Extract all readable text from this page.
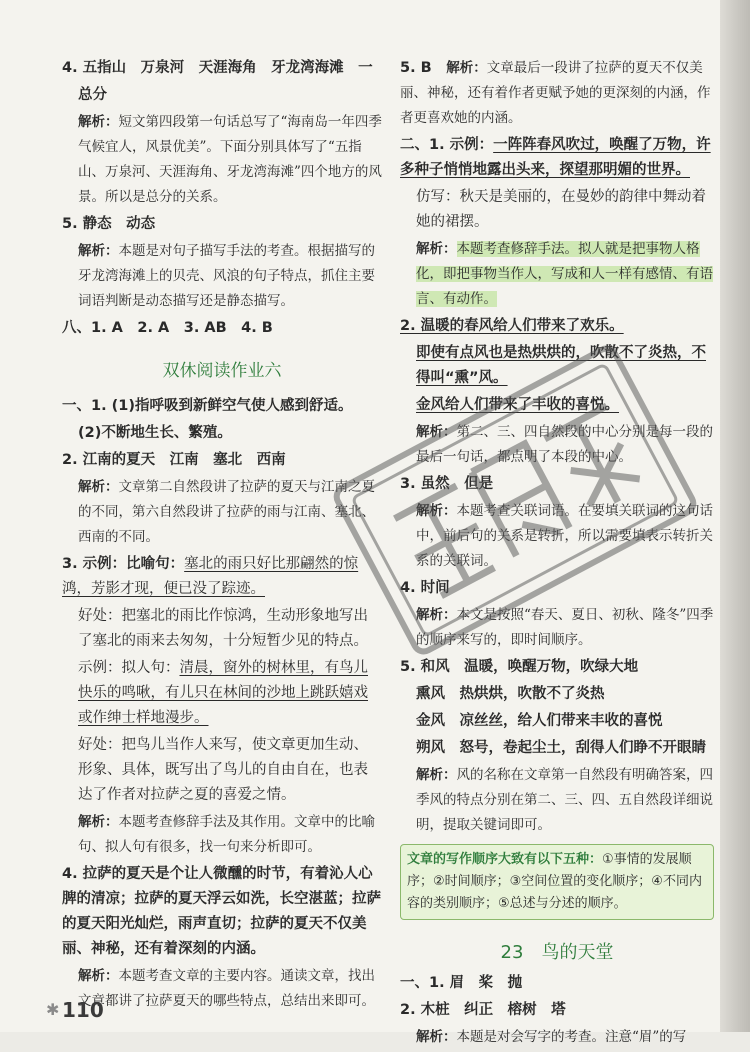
4. 五指山　万泉河　天涯海角　牙龙湾海滩　一

总分

解析：短文第四段第一句话总写了“海南岛一年四季气候宜人，风景优美”。下面分别具体写了“五指山、万泉河、天涯海角、牙龙湾海滩”四个地方的风景。所以是总分的关系。

5. 静态　动态

解析：本题是对句子描写手法的考查。根据描写的牙龙湾海滩上的贝壳、风浪的句子特点，抓住主要词语判断是动态描写还是静态描写。

八、1. A　2. A　3. AB　4. B

双休阅读作业六

一、1. (1)指呼吸到新鲜空气使人感到舒适。

(2)不断地生长、繁殖。

2. 江南的夏天　江南　塞北　西南

解析：文章第二自然段讲了拉萨的夏天与江南之夏的不同，第六自然段讲了拉萨的雨与江南、塞北、西南的不同。

3. 示例：比喻句：塞北的雨只好比那翩然的惊鸿，芳影才现，便已没了踪迹。

好处：把塞北的雨比作惊鸿，生动形象地写出了塞北的雨来去匆匆，十分短暂少见的特点。

示例：拟人句：清晨，窗外的树林里，有鸟儿快乐的鸣啾，有儿只在林间的沙地上跳跃嬉戏或作绅士样地漫步。

好处：把鸟儿当作人来写，使文章更加生动、形象、具体，既写出了鸟儿的自由自在，也表达了作者对拉萨之夏的喜爱之情。

解析：本题考查修辞手法及其作用。文章中的比喻句、拟人句有很多，找一句来分析即可。

4. 拉萨的夏天是个让人微醺的时节，有着沁人心脾的清凉；拉萨的夏天浮云如洗，长空湛蓝；拉萨的夏天阳光灿烂，雨声直切；拉萨的夏天不仅美丽、神秘，还有着深刻的内涵。

解析：本题考查文章的主要内容。通读文章，找出文章都讲了拉萨夏天的哪些特点，总结出来即可。

5. B　 解析：文章最后一段讲了拉萨的夏天不仅美丽、神秘，还有着作者更赋予她的更深刻的内涵，作者更喜欢她的内涵。

二、1. 示例：一阵阵春风吹过，唤醒了万物，许多种子悄悄地露出头来，探望那明媚的世界。

仿写：秋天是美丽的，在曼妙的韵律中舞动着她的裙摆。

解析：本题考查修辞手法。拟人就是把事物人格化，即把事物当作人，写成和人一样有感情、有语言、有动作。

2. 温暖的春风给人们带来了欢乐。

即使有点风也是热烘烘的，吹散不了炎热，不得叫“熏”风。

金风给人们带来了丰收的喜悦。

解析：第二、三、四自然段的中心分别是每一段的最后一句话，都点明了本段的中心。

3. 虽然　但是

解析：本题考查关联词语。在要填关联词的这句话中，前后句的关系是转折，所以需要填表示转折关系的关联词。

4. 时间

解析：本文是按照“春天、夏日、初秋、隆冬”四季的顺序来写的，即时间顺序。

5. 和风　温暖，唤醒万物，吹绿大地

熏风　热烘烘，吹散不了炎热

金风　凉丝丝，给人们带来丰收的喜悦

朔风　怒号，卷起尘土，刮得人们睁不开眼睛

解析：风的名称在文章第一自然段有明确答案，四季风的特点分别在第二、三、四、五自然段详细说明，提取关键词即可。

文章的写作顺序大致有以下五种：①事情的发展顺序；②时间顺序；③空间位置的变化顺序；④不同内容的类别顺序；⑤总述与分述的顺序。
23　鸟的天堂

一、1. 眉　桨　抛

2. 木桩　纠正　榕树　塔

解析：本题是对会写字的考查。注意“眉”的写

✱ 110
